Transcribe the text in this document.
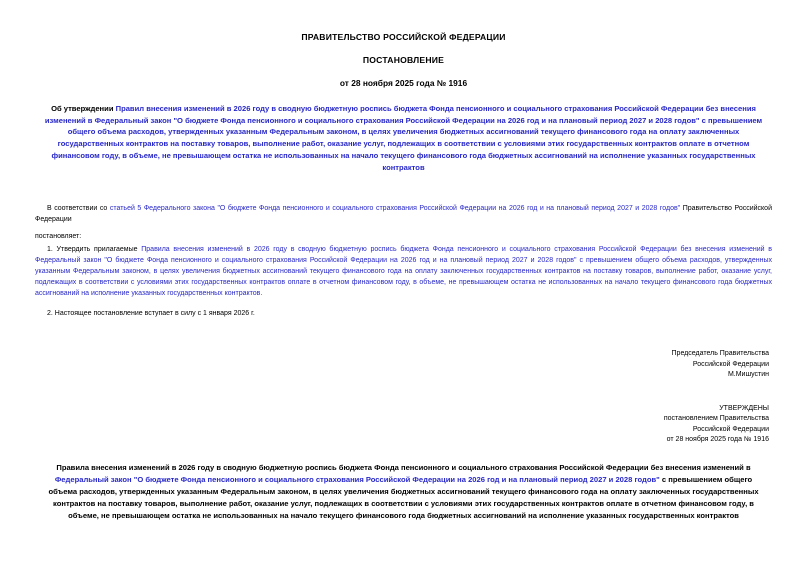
ПРАВИТЕЛЬСТВО РОССИЙСКОЙ ФЕДЕРАЦИИ
ПОСТАНОВЛЕНИЕ
от 28 ноября 2025 года № 1916
Об утверждении Правил внесения изменений в 2026 году в сводную бюджетную роспись бюджета Фонда пенсионного и социального страхования Российской Федерации без внесения изменений в Федеральный закон "О бюджете Фонда пенсионного и социального страхования Российской Федерации на 2026 год и на плановый период 2027 и 2028 годов" с превышением общего объема расходов, утвержденных указанным Федеральным законом, в целях увеличения бюджетных ассигнований текущего финансового года на оплату заключенных государственных контрактов на поставку товаров, выполнение работ, оказание услуг, подлежащих в соответствии с условиями этих государственных контрактов оплате в отчетном финансовом году, в объеме, не превышающем остатка не использованных на начало текущего финансового года бюджетных ассигнований на исполнение указанных государственных контрактов

В соответствии со статьей 5 Федерального закона "О бюджете Фонда пенсионного и социального страхования Российской Федерации на 2026 год и на плановый период 2027 и 2028 годов" Правительство Российской Федерации

постановляет:

1. Утвердить прилагаемые Правила внесения изменений в 2026 году в сводную бюджетную роспись бюджета Фонда пенсионного и социального страхования Российской Федерации без внесения изменений в Федеральный закон "О бюджете Фонда пенсионного и социального страхования Российской Федерации на 2026 год и на плановый период 2027 и 2028 годов" с превышением общего объема расходов, утвержденных указанным Федеральным законом, в целях увеличения бюджетных ассигнований текущего финансового года на оплату заключенных государственных контрактов на поставку товаров, выполнение работ, оказание услуг, подлежащих в соответствии с условиями этих государственных контрактов оплате в отчетном финансовом году, в объеме, не превышающем остатка не использованных на начало текущего финансового года бюджетных ассигнований на исполнение указанных государственных контрактов.

2. Настоящее постановление вступает в силу с 1 января 2026 г.

Председатель Правительства
Российской Федерации
М.Мишустин
УТВЕРЖДЕНЫ
постановлением Правительства
Российской Федерации
от 28 ноября 2025 года № 1916
Правила внесения изменений в 2026 году в сводную бюджетную роспись бюджета Фонда пенсионного и социального страхования Российской Федерации без внесения изменений в Федеральный закон "О бюджете Фонда пенсионного и социального страхования Российской Федерации на 2026 год и на плановый период 2027 и 2028 годов" с превышением общего объема расходов, утвержденных указанным Федеральным законом, в целях увеличения бюджетных ассигнований текущего финансового года на оплату заключенных государственных контрактов на поставку товаров, выполнение работ, оказание услуг, подлежащих в соответствии с условиями этих государственных контрактов оплате в отчетном финансовом году, в объеме, не превышающем остатка не использованных на начало текущего финансового года бюджетных ассигнований на исполнение указанных государственных контрактов
